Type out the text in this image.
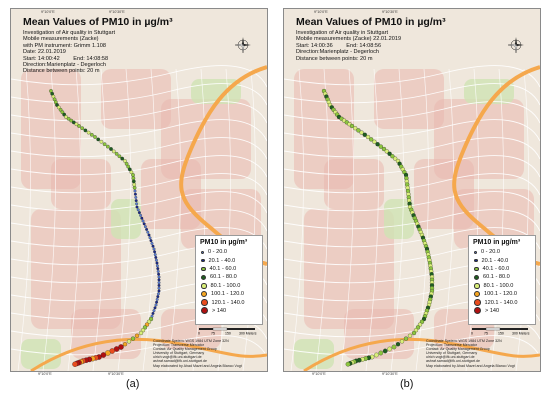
9°10'0"E	9°10'30"E
Mean Values of PM10 in µg/m³
Investigation of Air quality in Stuttgart
Mobile measurements (Zacke)
with PM instrument: Grimm 1.108
Date: 22.01.2019
Start: 14:00:42 End: 14:08:58
Direction:Marienplatz - Degerloch
Distance between points: 20 m
PM10 in µg/m³
0 - 20.0
20.1 - 40.0
40.1 - 60.0
60.1 - 80.0
80.1 - 100.0
100.1 - 120.0
120.1 - 140.0
> 140
0	75	150 300 Meters
Coordinate System: WGS 1984 UTM Zone 32N
Projection: Transverse Mercator
Contact: Air Quality Management Group
University of Stuttgart, Germany
ulrich.vogt@ifk.uni-stuttgart.de
ashraf.samad@ifk.uni-stuttgart.de
Map elaborated by Ahad Mazel and Angela Blanco Vogt
9°10'0"E	9°10'30"E
(a)
9°10'0"E	9°10'30"E
Mean Values of PM10 in µg/m³
Investigation of Air quality in Stuttgart
Mobile measurements (Zacke) 22.01.2019
Start: 14:00:36 End: 14:08:56
Direction:Marienplatz - Degerloch
Distance between points: 20 m
PM10 in µg/m³
0 - 20.0
20.1 - 40.0
40.1 - 60.0
60.1 - 80.0
80.1 - 100.0
100.1 - 120.0
120.1 - 140.0
> 140
0	75	150 300 Meters
Coordinate System: WGS 1984 UTM Zone 32N
Projection: Transverse Mercator
Contact: Air Quality Management Group
University of Stuttgart, Germany
ulrich.vogt@ifk.uni-stuttgart.de
ashraf.samad@ifk.uni-stuttgart.de
Map elaborated by Ahad Mazel and Angela Blanco Vogt
9°10'0"E	9°10'30"E
(b)
